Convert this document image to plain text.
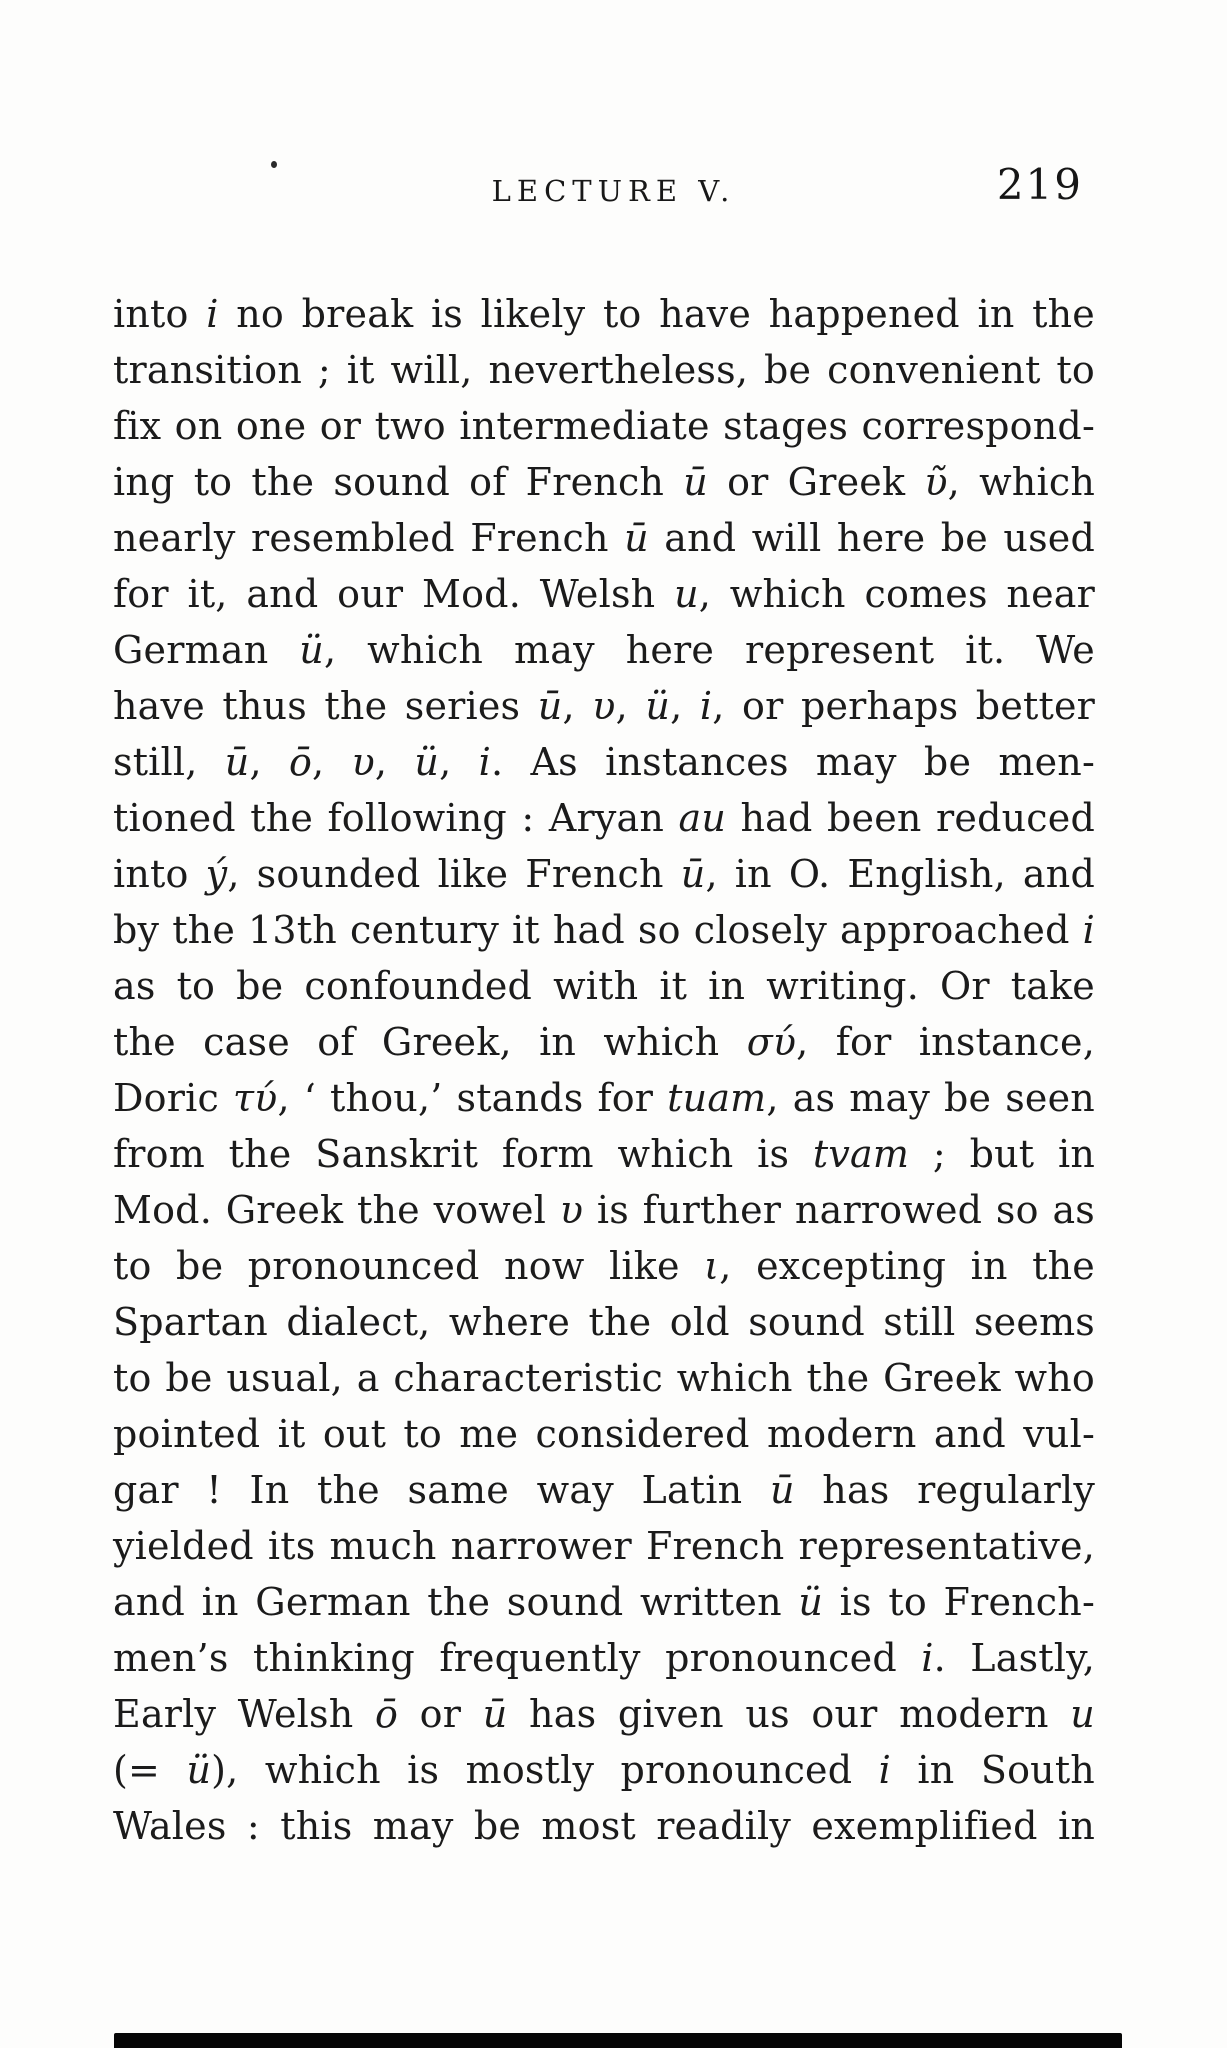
LECTURE V.	219

into i no break is likely to have happened in the

transition ; it will, nevertheless, be convenient to

fix on one or two intermediate stages correspond-

ing to the sound of French ū or Greek ῦ, which

nearly resembled French ū and will here be used

for it, and our Mod. Welsh u, which comes near

German ü, which may here represent it. We

have thus the series ū, υ, ü, i, or perhaps better

still, ū, ō, υ, ü, i. As instances may be men-

tioned the following : Aryan au had been reduced

into ý, sounded like French ū, in O. English, and

by the 13th century it had so closely approached i

as to be confounded with it in writing. Or take

the case of Greek, in which σύ, for instance,

Doric τύ, ‘ thou,’ stands for tuam, as may be seen

from the Sanskrit form which is tvam ; but in

Mod. Greek the vowel υ is further narrowed so as

to be pronounced now like ι, excepting in the

Spartan dialect, where the old sound still seems

to be usual, a characteristic which the Greek who

pointed it out to me considered modern and vul-

gar ! In the same way Latin ū has regularly

yielded its much narrower French representative,

and in German the sound written ü is to French-

men’s thinking frequently pronounced i. Lastly,

Early Welsh ō or ū has given us our modern u

(= ü), which is mostly pronounced i in South

Wales : this may be most readily exemplified in
